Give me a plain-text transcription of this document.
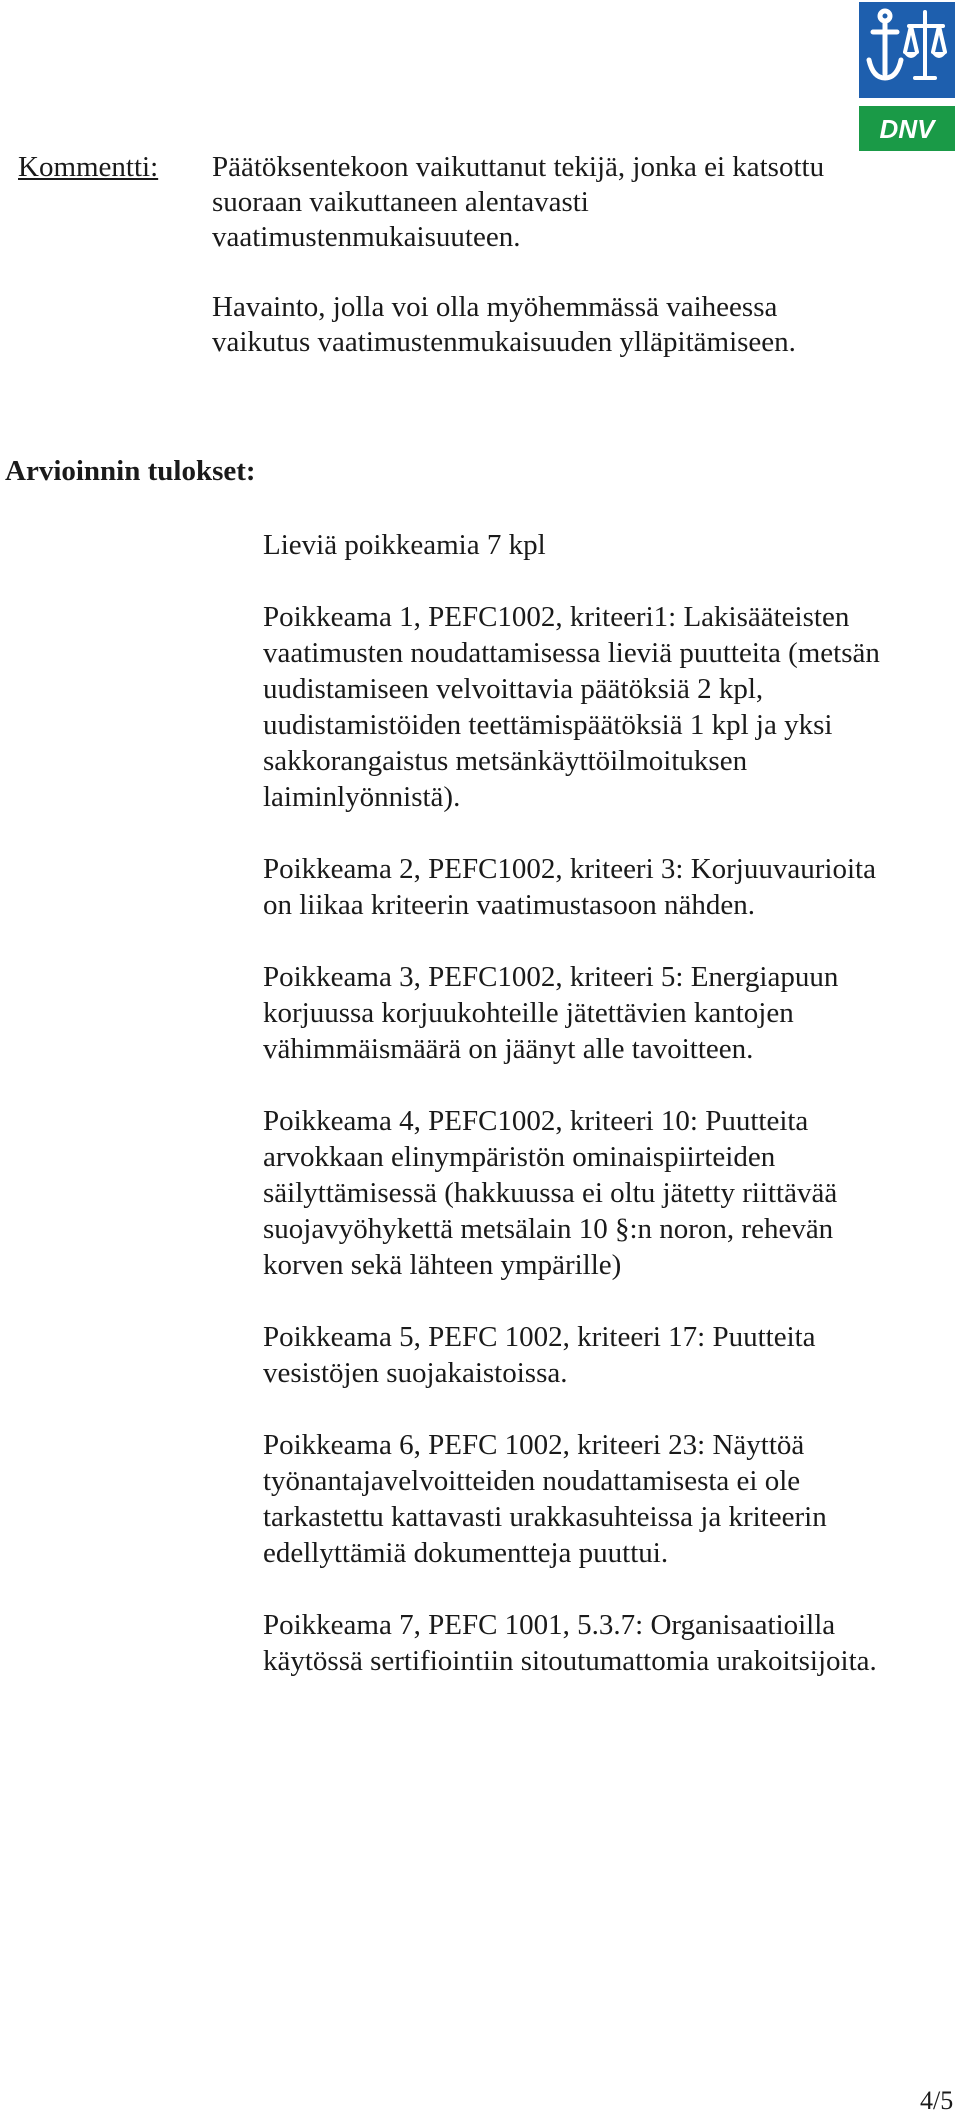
DNV
Kommentti: Päätöksentekoon vaikuttanut tekijä, jonka ei katsottu
suoraan vaikuttaneen alentavasti
vaatimustenmukaisuuteen.

Havainto, jolla voi olla myöhemmässä vaiheessa
vaikutus vaatimustenmukaisuuden ylläpitämiseen.

Arvioinnin tulokset:

Lieviä poikkeamia 7 kpl

Poikkeama 1, PEFC1002, kriteeri1: Lakisääteisten
vaatimusten noudattamisessa lieviä puutteita (metsän
uudistamiseen velvoittavia päätöksiä 2 kpl,
uudistamistöiden teettämispäätöksiä 1 kpl ja yksi
sakkorangaistus metsänkäyttöilmoituksen
laiminlyönnistä).

Poikkeama 2, PEFC1002, kriteeri 3: Korjuuvaurioita
on liikaa kriteerin vaatimustasoon nähden.

Poikkeama 3, PEFC1002, kriteeri 5: Energiapuun
korjuussa korjuukohteille jätettävien kantojen
vähimmäismäärä on jäänyt alle tavoitteen.

Poikkeama 4, PEFC1002, kriteeri 10: Puutteita
arvokkaan elinympäristön ominaispiirteiden
säilyttämisessä (hakkuussa ei oltu jätetty riittävää
suojavyöhykettä metsälain 10 §:n noron, rehevän
korven sekä lähteen ympärille)

Poikkeama 5, PEFC 1002, kriteeri 17: Puutteita
vesistöjen suojakaistoissa.

Poikkeama 6, PEFC 1002, kriteeri 23: Näyttöä
työnantajavelvoitteiden noudattamisesta ei ole
tarkastettu kattavasti urakkasuhteissa ja kriteerin
edellyttämiä dokumentteja puuttui.

Poikkeama 7, PEFC 1001, 5.3.7: Organisaatioilla
käytössä sertifiointiin sitoutumattomia urakoitsijoita.

4/5
